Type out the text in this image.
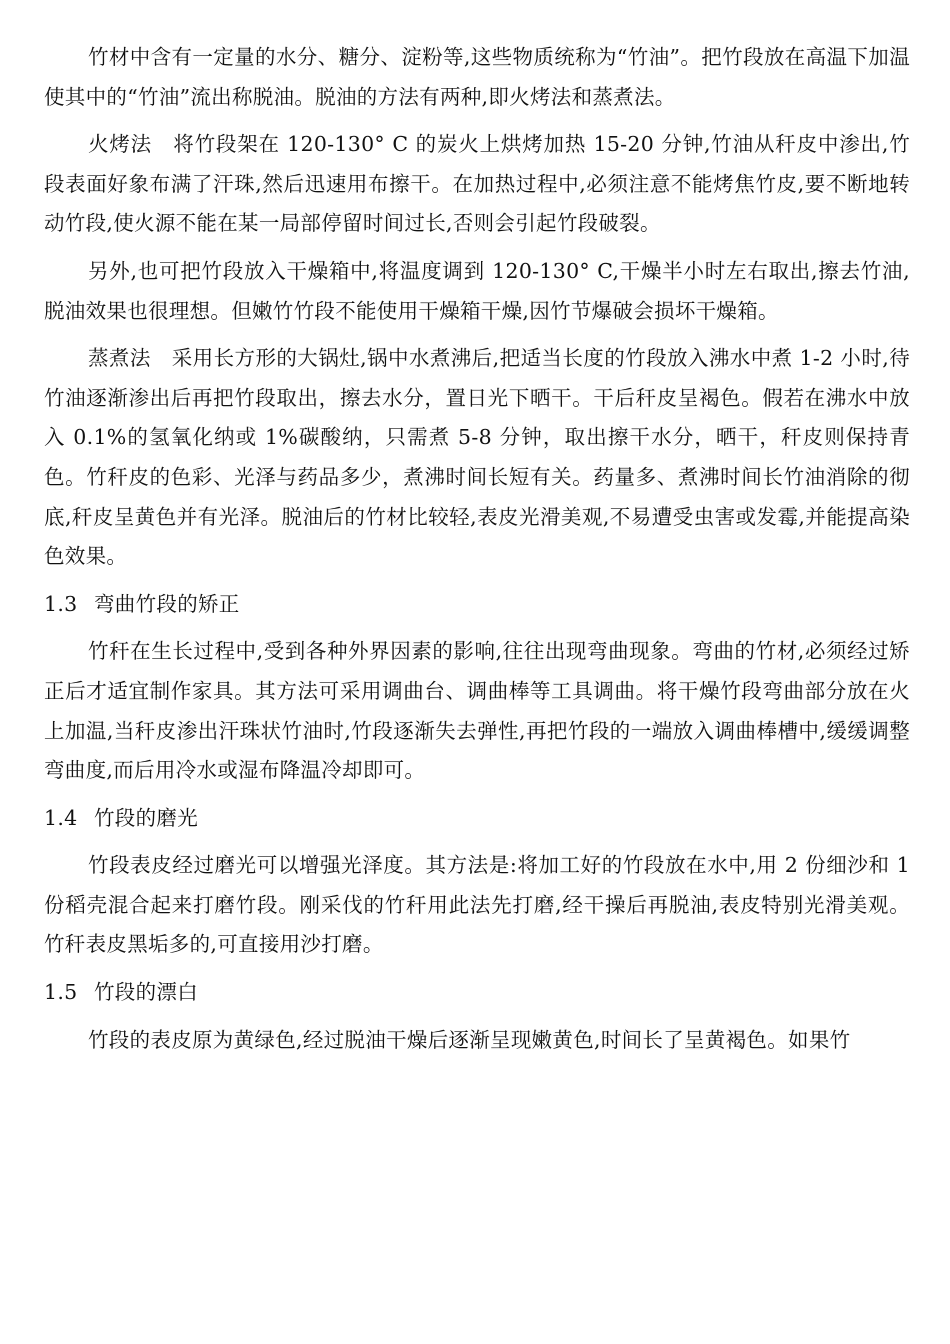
竹材中含有一定量的水分、糖分、淀粉等,这些物质统称为“竹油”。把竹段放在高温下加温使其中的“竹油”流出称脱油。脱油的方法有两种,即火烤法和蒸煮法。

火烤法　将竹段架在 120-130° C 的炭火上烘烤加热 15-20 分钟,竹油从秆皮中渗出,竹段表面好象布满了汗珠,然后迅速用布擦干。在加热过程中,必须注意不能烤焦竹皮,要不断地转动竹段,使火源不能在某一局部停留时间过长,否则会引起竹段破裂。

另外,也可把竹段放入干燥箱中,将温度调到 120-130° C,干燥半小时左右取出,擦去竹油,脱油效果也很理想。但嫩竹竹段不能使用干燥箱干燥,因竹节爆破会损坏干燥箱。

蒸煮法　采用长方形的大锅灶,锅中水煮沸后,把适当长度的竹段放入沸水中煮 1-2 小时,待竹油逐渐渗出后再把竹段取出，擦去水分，置日光下晒干。干后秆皮呈褐色。假若在沸水中放入 0.1%的氢氧化纳或 1%碳酸纳，只需煮 5-8 分钟，取出擦干水分，晒干，秆皮则保持青色。竹秆皮的色彩、光泽与药品多少，煮沸时间长短有关。药量多、煮沸时间长竹油消除的彻底,秆皮呈黄色并有光泽。脱油后的竹材比较轻,表皮光滑美观,不易遭受虫害或发霉,并能提高染色效果。

1.3 弯曲竹段的矫正

竹秆在生长过程中,受到各种外界因素的影响,往往出现弯曲现象。弯曲的竹材,必须经过矫正后才适宜制作家具。其方法可采用调曲台、调曲棒等工具调曲。将干燥竹段弯曲部分放在火上加温,当秆皮渗出汗珠状竹油时,竹段逐渐失去弹性,再把竹段的一端放入调曲棒槽中,缓缓调整弯曲度,而后用冷水或湿布降温冷却即可。

1.4 竹段的磨光

竹段表皮经过磨光可以增强光泽度。其方法是:将加工好的竹段放在水中,用 2 份细沙和 1 份稻壳混合起来打磨竹段。刚采伐的竹秆用此法先打磨,经干操后再脱油,表皮特别光滑美观。竹秆表皮黑垢多的,可直接用沙打磨。

1.5 竹段的漂白

竹段的表皮原为黄绿色,经过脱油干燥后逐渐呈现嫩黄色,时间长了呈黄褐色。如果竹
